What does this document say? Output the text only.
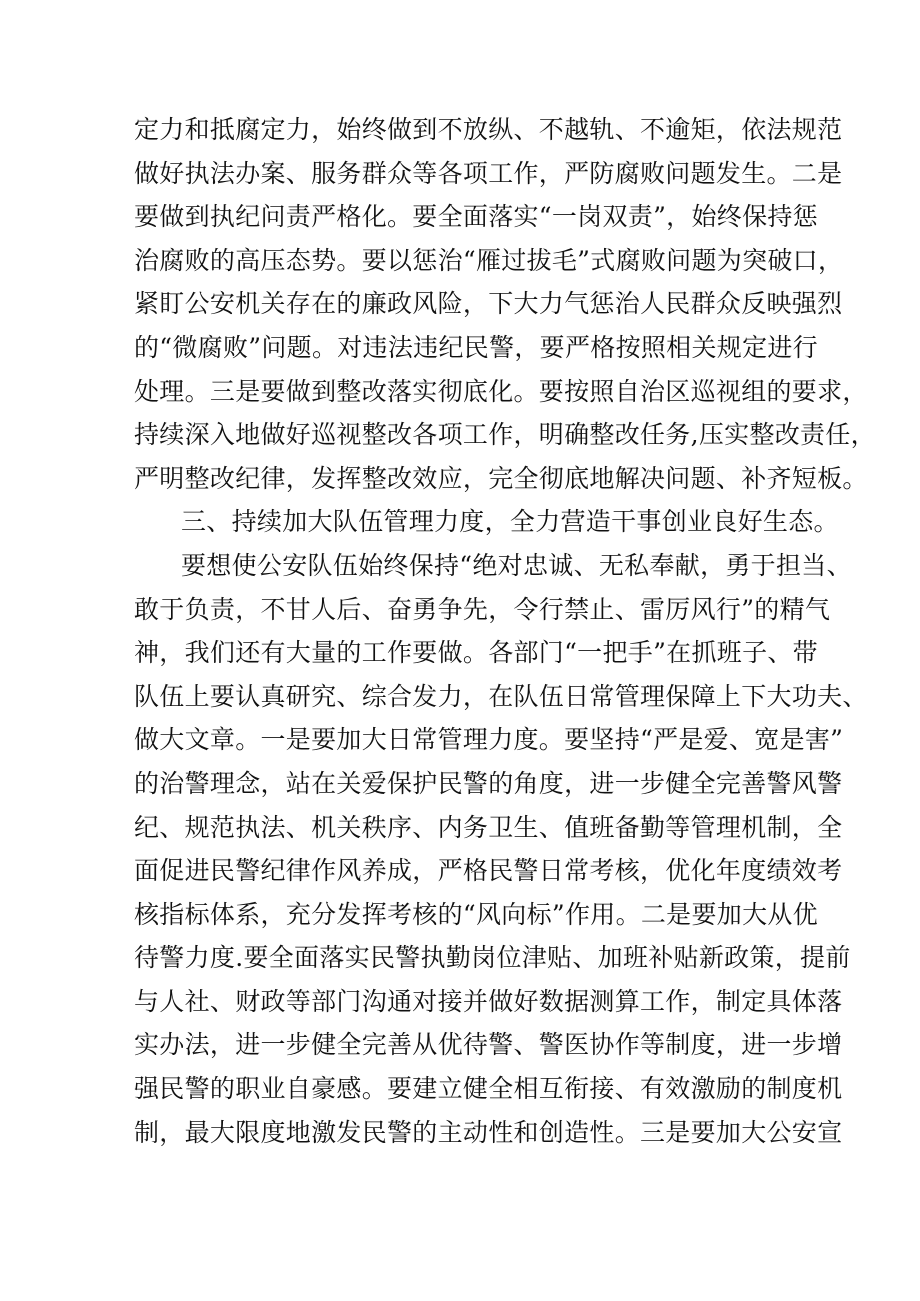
定力和抵腐定力，始终做到不放纵、不越轨、不逾矩，依法规范
做好执法办案、服务群众等各项工作，严防腐败问题发生。二是
要做到执纪问责严格化。要全面落实“一岗双责”，始终保持惩
治腐败的高压态势。要以惩治“雁过拔毛”式腐败问题为突破口，
紧盯公安机关存在的廉政风险，下大力气惩治人民群众反映强烈
的“微腐败”问题。对违法违纪民警，要严格按照相关规定进行
处理。三是要做到整改落实彻底化。要按照自治区巡视组的要求，
持续深入地做好巡视整改各项工作，明确整改任务,压实整改责任，
严明整改纪律，发挥整改效应，完全彻底地解决问题、补齐短板。
三、持续加大队伍管理力度，全力营造干事创业良好生态。
要想使公安队伍始终保持“绝对忠诚、无私奉献，勇于担当、
敢于负责，不甘人后、奋勇争先，令行禁止、雷厉风行”的精气
神，我们还有大量的工作要做。各部门“一把手”在抓班子、带
队伍上要认真研究、综合发力，在队伍日常管理保障上下大功夫、
做大文章。一是要加大日常管理力度。要坚持“严是爱、宽是害”
的治警理念，站在关爱保护民警的角度，进一步健全完善警风警
纪、规范执法、机关秩序、内务卫生、值班备勤等管理机制，全
面促进民警纪律作风养成，严格民警日常考核，优化年度绩效考
核指标体系，充分发挥考核的“风向标”作用。二是要加大从优
待警力度.要全面落实民警执勤岗位津贴、加班补贴新政策，提前
与人社、财政等部门沟通对接并做好数据测算工作，制定具体落
实办法，进一步健全完善从优待警、警医协作等制度，进一步增
强民警的职业自豪感。要建立健全相互衔接、有效激励的制度机
制，最大限度地激发民警的主动性和创造性。三是要加大公安宣
